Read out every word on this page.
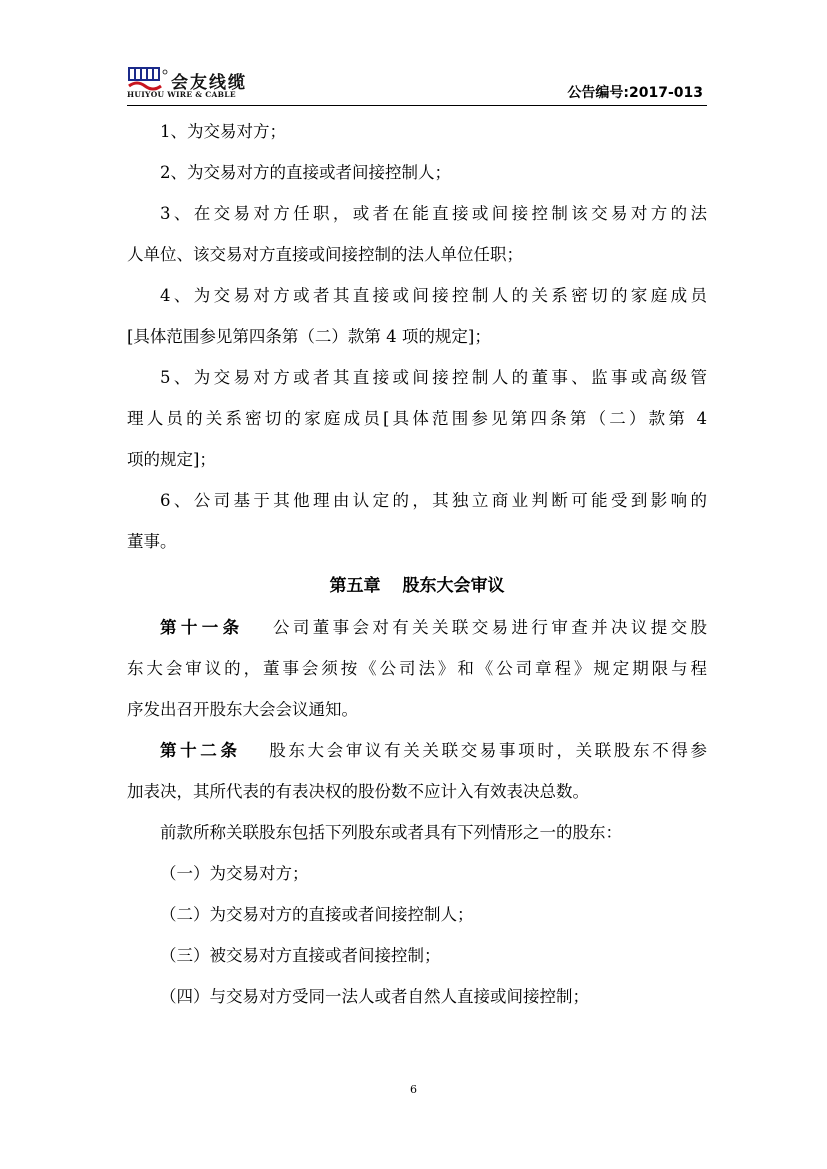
会友线缆
HUIYOU WIRE & CABLE	公告编号:2017-013
1、为交易对方；
2、为交易对方的直接或者间接控制人；
3、在交易对方任职，或者在能直接或间接控制该交易对方的法
人单位、该交易对方直接或间接控制的法人单位任职；
4、为交易对方或者其直接或间接控制人的关系密切的家庭成员
[具体范围参见第四条第（二）款第 4 项的规定]；
5、为交易对方或者其直接或间接控制人的董事、监事或高级管
理人员的关系密切的家庭成员[具体范围参见第四条第（二）款第 4
项的规定]；
6、公司基于其他理由认定的，其独立商业判断可能受到影响的
董事。
第五章 股东大会审议
第十一条 公司董事会对有关关联交易进行审查并决议提交股
东大会审议的，董事会须按《公司法》和《公司章程》规定期限与程
序发出召开股东大会会议通知。
第十二条 股东大会审议有关关联交易事项时，关联股东不得参
加表决，其所代表的有表决权的股份数不应计入有效表决总数。
前款所称关联股东包括下列股东或者具有下列情形之一的股东：
（一）为交易对方；
（二）为交易对方的直接或者间接控制人；
（三）被交易对方直接或者间接控制；
（四）与交易对方受同一法人或者自然人直接或间接控制；
6
